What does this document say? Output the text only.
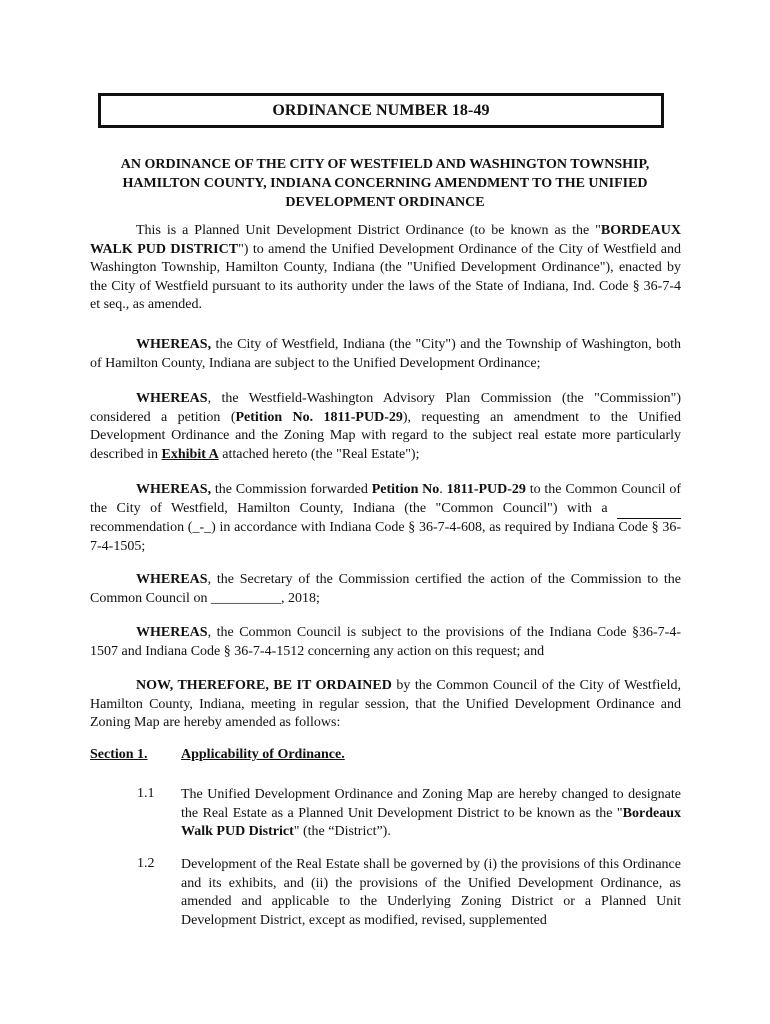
ORDINANCE NUMBER 18-49
AN ORDINANCE OF THE CITY OF WESTFIELD AND WASHINGTON TOWNSHIP, HAMILTON COUNTY, INDIANA CONCERNING AMENDMENT TO THE UNIFIED DEVELOPMENT ORDINANCE

This is a Planned Unit Development District Ordinance (to be known as the "BORDEAUX WALK PUD DISTRICT") to amend the Unified Development Ordinance of the City of Westfield and Washington Township, Hamilton County, Indiana (the "Unified Development Ordinance"), enacted by the City of Westfield pursuant to its authority under the laws of the State of Indiana, Ind. Code § 36-7-4 et seq., as amended.

WHEREAS, the City of Westfield, Indiana (the "City") and the Township of Washington, both of Hamilton County, Indiana are subject to the Unified Development Ordinance;

WHEREAS, the Westfield-Washington Advisory Plan Commission (the "Commission") considered a petition (Petition No. 1811-PUD-29), requesting an amendment to the Unified Development Ordinance and the Zoning Map with regard to the subject real estate more particularly described in Exhibit A attached hereto (the "Real Estate");

WHEREAS, the Commission forwarded Petition No. 1811-PUD-29 to the Common Council of the City of Westfield, Hamilton County, Indiana (the "Common Council") with a  recommendation (_-_) in accordance with Indiana Code § 36-7-4-608, as required by Indiana Code § 36-7-4-1505;

WHEREAS, the Secretary of the Commission certified the action of the Commission to the Common Council on __________, 2018;

WHEREAS, the Common Council is subject to the provisions of the Indiana Code §36-7-4-1507 and Indiana Code § 36-7-4-1512 concerning any action on this request; and

NOW, THEREFORE, BE IT ORDAINED by the Common Council of the City of Westfield, Hamilton County, Indiana, meeting in regular session, that the Unified Development Ordinance and Zoning Map are hereby amended as follows:

Section 1. Applicability of Ordinance.
1.1 The Unified Development Ordinance and Zoning Map are hereby changed to designate the Real Estate as a Planned Unit Development District to be known as the "Bordeaux Walk PUD District" (the “District”).

1.2 Development of the Real Estate shall be governed by (i) the provisions of this Ordinance and its exhibits, and (ii) the provisions of the Unified Development Ordinance, as amended and applicable to the Underlying Zoning District or a Planned Unit Development District, except as modified, revised, supplemented
